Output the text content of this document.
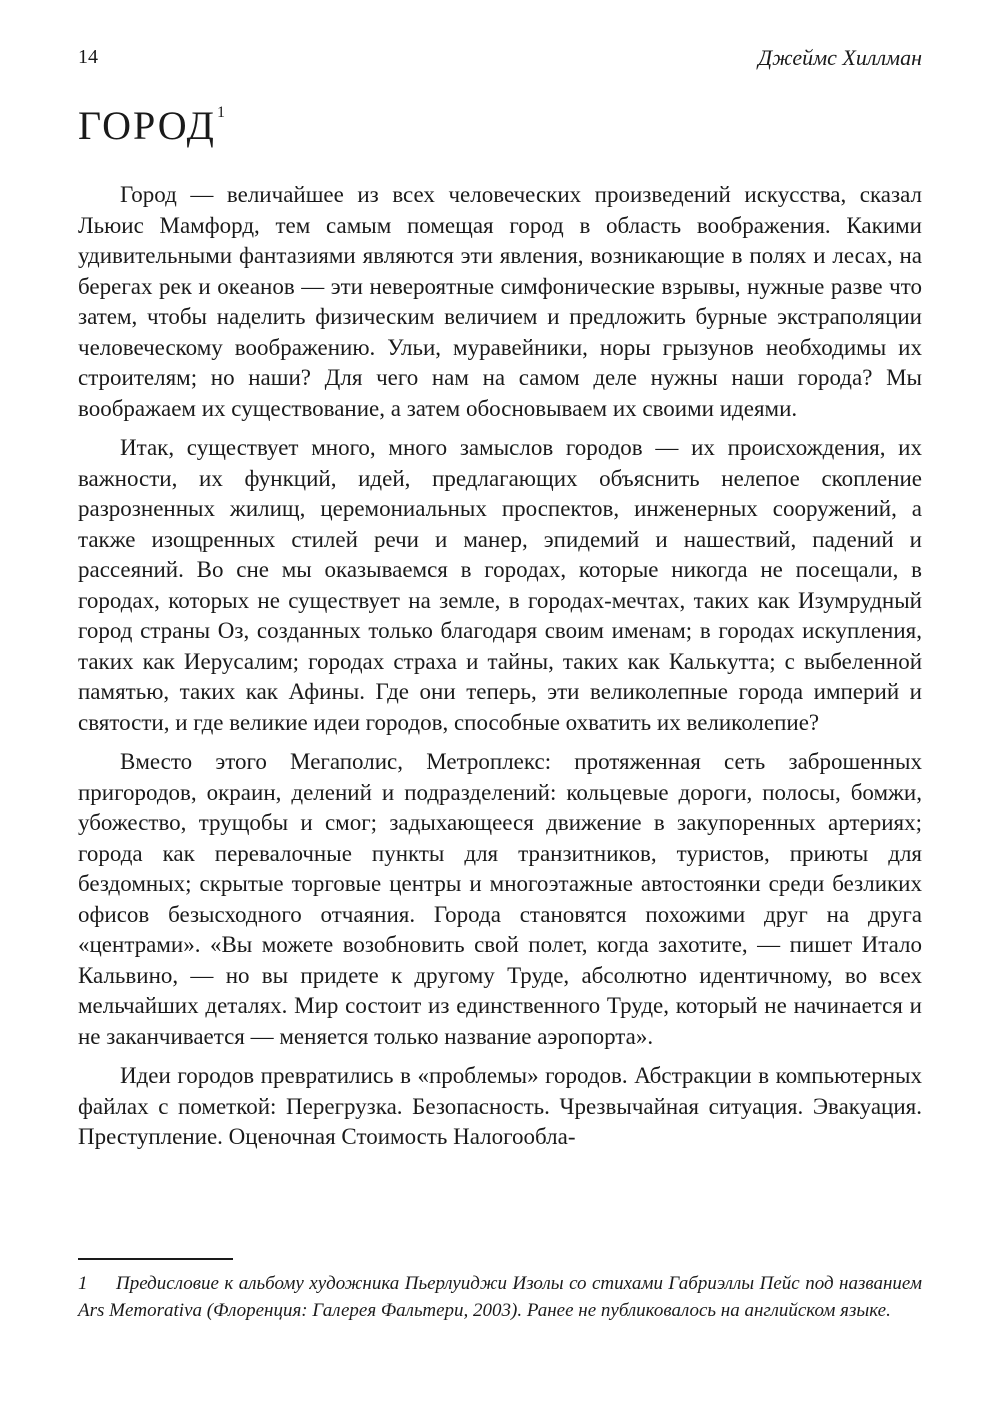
14	Джеймс Хиллман
ГОРОД$^1$

Город — величайшее из всех человеческих произведений искусства, сказал Льюис Мамфорд, тем самым помещая город в область воображения. Какими удивительными фантазиями являются эти явления, возникающие в полях и лесах, на берегах рек и океанов — эти невероятные симфонические взрывы, нужные разве что затем, чтобы наделить физическим величием и предложить бурные экстраполяции человеческому воображению. Ульи, муравейники, норы грызунов необходимы их строителям; но наши? Для чего нам на самом деле нужны наши города? Мы воображаем их существование, а затем обосновываем их своими идеями.

Итак, существует много, много замыслов городов — их происхождения, их важности, их функций, идей, предлагающих объяснить нелепое скопление разрозненных жилищ, церемониальных проспектов, инженерных сооружений, а также изощренных стилей речи и манер, эпидемий и нашествий, падений и рассеяний. Во сне мы оказываемся в городах, которые никогда не посещали, в городах, которых не существует на земле, в городах-мечтах, таких как Изумрудный город страны Оз, созданных только благодаря своим именам; в городах искупления, таких как Иерусалим; городах страха и тайны, таких как Калькутта; с выбеленной памятью, таких как Афины. Где они теперь, эти великолепные города империй и святости, и где великие идеи городов, способные охватить их великолепие?

Вместо этого Мегаполис, Метроплекс: протяженная сеть заброшенных пригородов, окраин, делений и подразделений: кольцевые дороги, полосы, бомжи, убожество, трущобы и смог; задыхающееся движение в закупоренных артериях; города как перевалочные пункты для транзитников, туристов, приюты для бездомных; скрытые торговые центры и многоэтажные автостоянки среди безликих офисов безысходного отчаяния. Города становятся похожими друг на друга «центрами». «Вы можете возобновить свой полет, когда захотите, — пишет Итало Кальвино, — но вы придете к другому Труде, абсолютно идентичному, во всех мельчайших деталях. Мир состоит из единственного Труде, который не начинается и не заканчивается — меняется только название аэропорта».

Идеи городов превратились в «проблемы» городов. Абстракции в компьютерных файлах с пометкой: Перегрузка. Безопасность. Чрезвычайная ситуация. Эвакуация. Преступление. Оценочная Стоимость Налогообла-

1 Предисловие к альбому художника Пьерлуиджи Изолы со стихами Габриэллы Пейс под названием Ars Memorativa (Флоренция: Галерея Фальтери, 2003). Ранее не публиковалось на английском языке.
